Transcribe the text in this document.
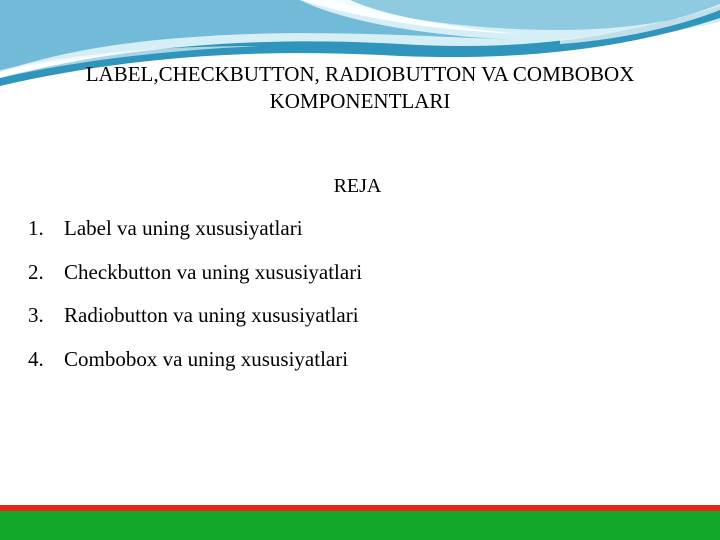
LABEL,CHECKBUTTON, RADIOBUTTON VA COMBOBOX
KOMPONENTLARI
REJA
1. Label va uning xususiyatlari
2. Checkbutton va uning xususiyatlari
3. Radiobutton va uning xususiyatlari
4. Combobox va uning xususiyatlari
